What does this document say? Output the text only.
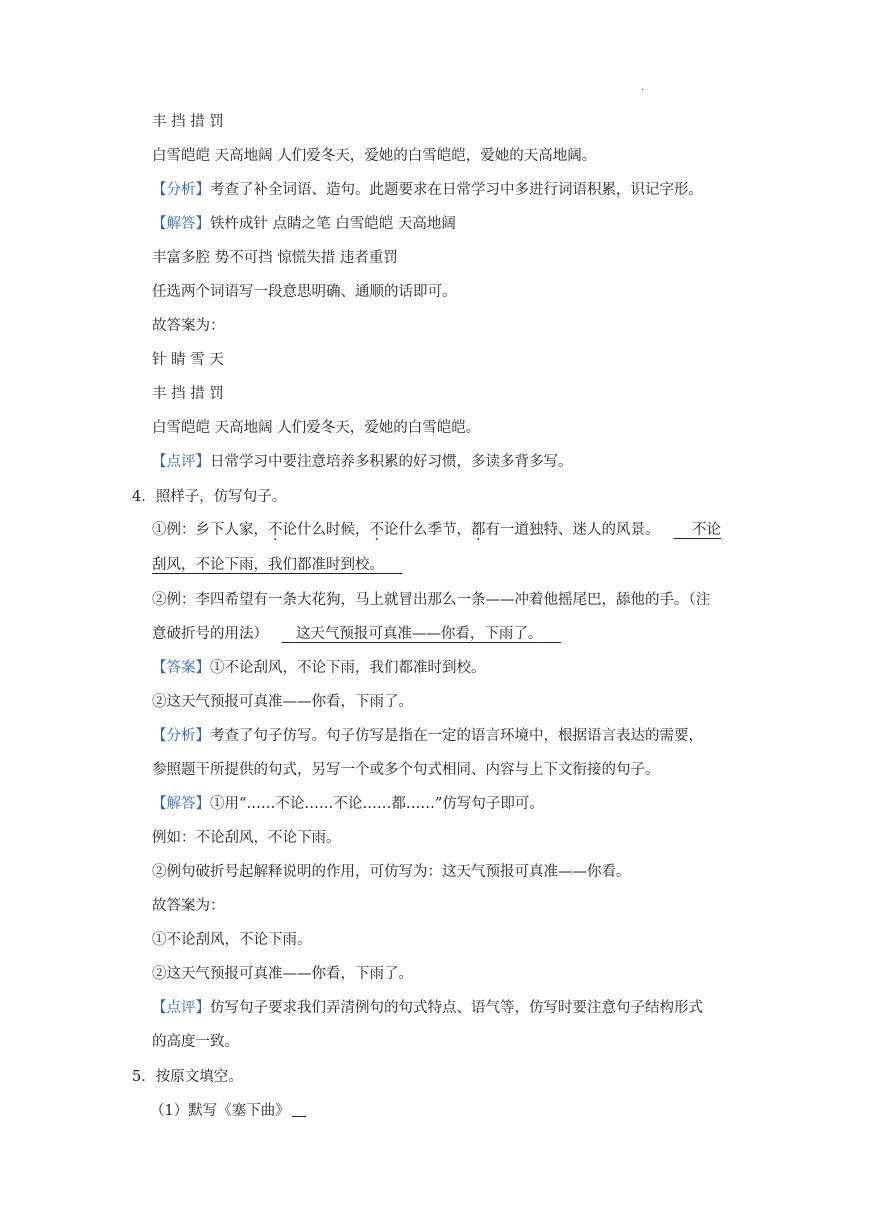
.
丰 挡 措 罚
白雪皑皑 天高地阔 人们爱冬天，爱她的白雪皑皑，爱她的天高地阔。
【分析】考查了补全词语、造句。此题要求在日常学习中多进行词语积累，识记字形。
【解答】铁杵成针 点睛之笔 白雪皑皑 天高地阔
丰富多腔 势不可挡 惊慌失措 违者重罚
任选两个词语写一段意思明确、通顺的话即可。
故答案为：
针 睛 雪 天
丰 挡 措 罚
白雪皑皑 天高地阔 人们爱冬天，爱她的白雪皑皑。
【点评】日常学习中要注意培养多积累的好习惯，多读多背多写。
4．照样子，仿写句子。
①例：乡下人家，不论什么时候，不论什么季节，都有一道独特、迷人的风景。 不论
刮风，不论下雨，我们都准时到校。
②例：李四希望有一条大花狗，马上就冒出那么一条——冲着他摇尾巴，舔他的手。（注
意破折号的用法） 这天气预报可真准——你看，下雨了。
【答案】①不论刮风，不论下雨，我们都准时到校。
②这天气预报可真准——你看，下雨了。
【分析】考查了句子仿写。句子仿写是指在一定的语言环境中，根据语言表达的需要，
参照题干所提供的句式，另写一个或多个句式相同、内容与上下文衔接的句子。
【解答】①用“……不论……不论……都……”仿写句子即可。
例如：不论刮风，不论下雨。
②例句破折号起解释说明的作用，可仿写为：这天气预报可真准——你看。
故答案为：
①不论刮风，不论下雨。
②这天气预报可真准——你看，下雨了。
【点评】仿写句子要求我们弄清例句的句式特点、语气等，仿写时要注意句子结构形式
的高度一致。
5．按原文填空。
（1）默写《塞下曲》
